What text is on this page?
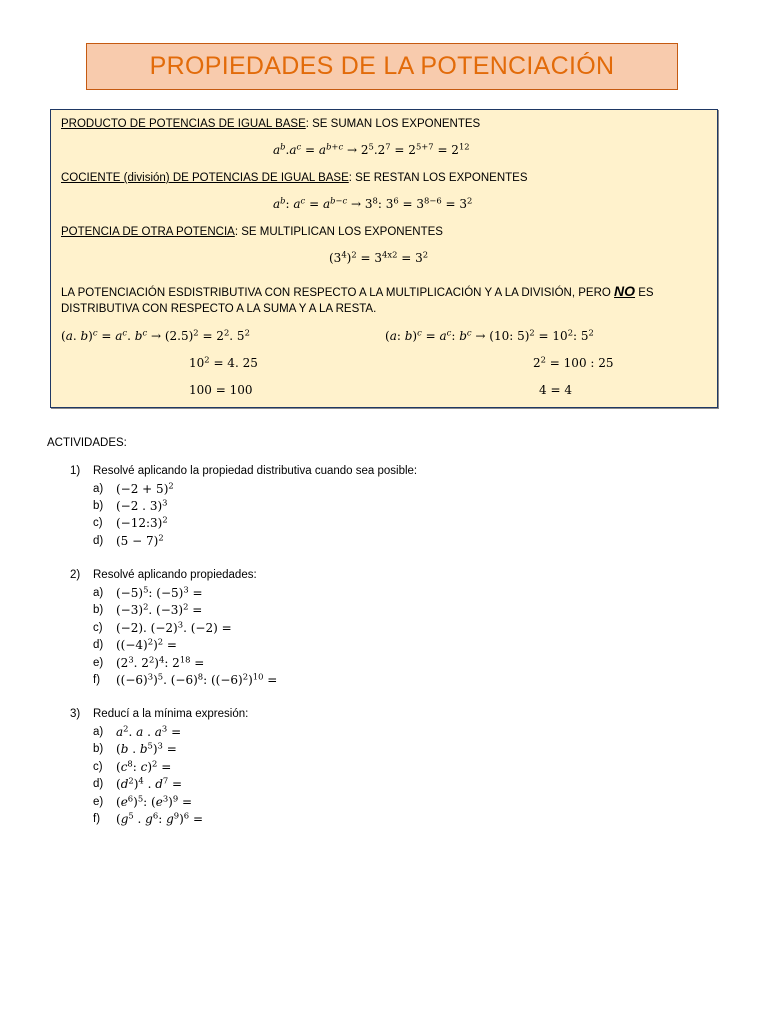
PROPIEDADES DE LA POTENCIACIÓN
PRODUCTO DE POTENCIAS DE IGUAL BASE: SE SUMAN LOS EXPONENTES
$a^b.a^c = a^{b+c} \to 2^5.2^7 = 2^{5+7} = 2^{12}$
COCIENTE (división) DE POTENCIAS DE IGUAL BASE: SE RESTAN LOS EXPONENTES
$a^b$: $a^c = a^{b-c} \to 3^8$: $3^6 = 3^{8-6} = 3^2$
POTENCIA DE OTRA POTENCIA: SE MULTIPLICAN LOS EXPONENTES
$(3^4)^2 = 3^{4x2} = 3^2$
LA POTENCIACIÓN ESDISTRIBUTIVA CON RESPECTO A LA MULTIPLICACIÓN Y A LA DIVISIÓN, PERO NO ES
DISTRIBUTIVA CON RESPECTO A LA SUMA Y A LA RESTA.
(a. $b)^c = a^c$. $b^c \to (2.5)^2 = 2^2$. $5^2$	(a: $b)^c = a^c$: $b^c \to (10$: $5)^2 = 10^2$: $5^2$
$10^2 = 4$. 25	$2^2 = 100$ : 25
100 = 100	4 = 4
ACTIVIDADES:
1) Resolvé aplicando la propiedad distributiva cuando sea posible:
a) $(-2 + 5)^2$
b) (−2 . 3)$^3$
c) (−12:3)$^2$
d) $(5 - 7)^2$
2) Resolvé aplicando propiedades:
a) $(-5)^5$: $(-5)^3$ =
b) $(-3)^2$. $(-3)^2$ =
c) (−2). $(-2)^3$. (−2) =
d) $((-4)^2)^2$ =
e) ($2^3$. $2^2)^4$: $2^{18}$ =
f) $((-6)^3)^5$. $(-6)^8$: $((-6)^2)^{10}$ =
3) Reducí a la mínima expresión:
a) $a^2$. a . $a^3$ =
b) (b . $b^5)^3$ =
c) ($c^8$: c)$^2$ =
d) $(d^2)^4$ . $d^7$ =
e) $(e^6)^5$: $(e^3)^9$ =
f) ($g^5$ . $g^6$: $g^9)^6$ =
